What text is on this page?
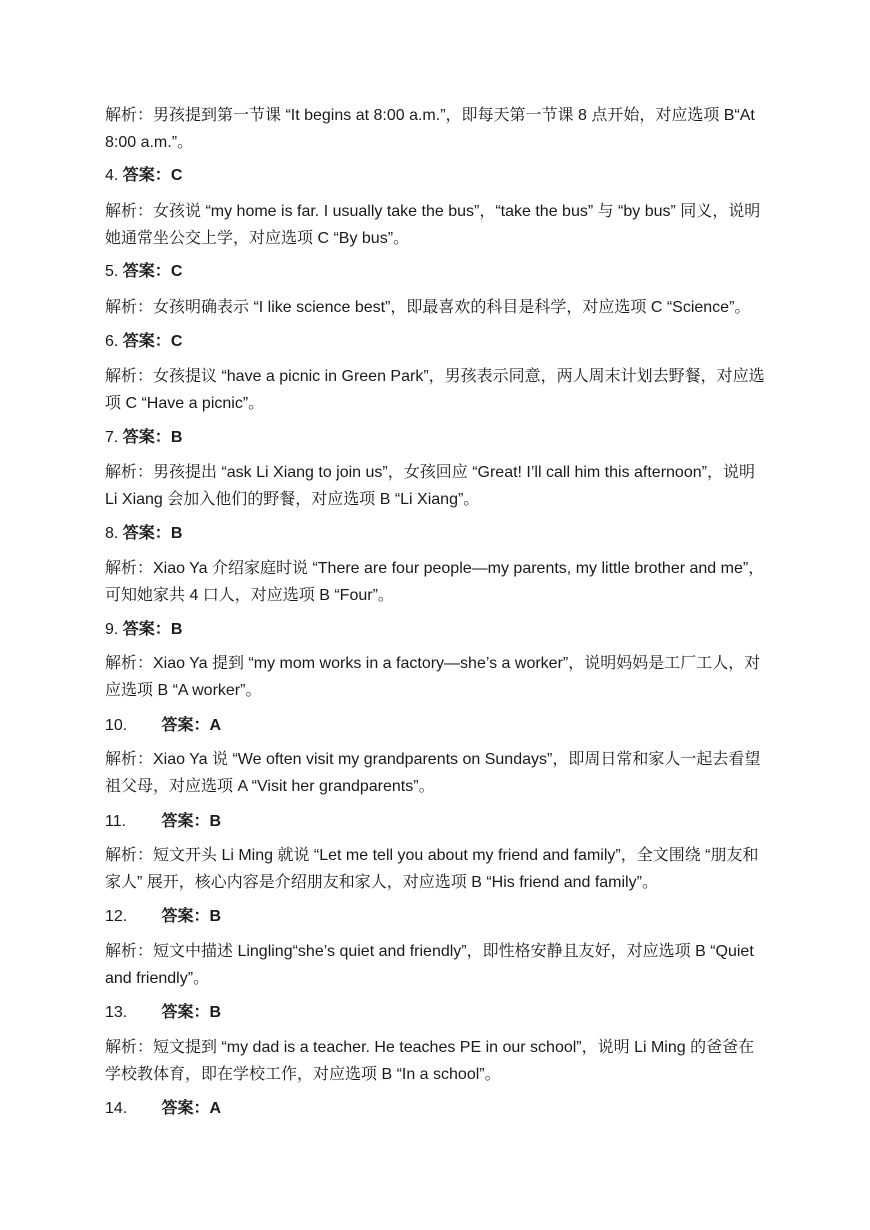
解析：男孩提到第一节课 “It begins at 8:00 a.m.”，即每天第一节课 8 点开始，对应选项 B“At 8:00 a.m.”。

4. 答案：C

解析：女孩说 “my home is far. I usually take the bus”，“take the bus” 与 “by bus” 同义，说明她通常坐公交上学，对应选项 C “By bus”。

5. 答案：C

解析：女孩明确表示 “I like science best”，即最喜欢的科目是科学，对应选项 C “Science”。

6. 答案：C

解析：女孩提议 “have a picnic in Green Park”，男孩表示同意，两人周末计划去野餐，对应选项 C “Have a picnic”。

7. 答案：B

解析：男孩提出 “ask Li Xiang to join us”，女孩回应 “Great! I’ll call him this afternoon”，说明 Li Xiang 会加入他们的野餐，对应选项 B “Li Xiang”。

8. 答案：B

解析：Xiao Ya 介绍家庭时说 “There are four people—my parents, my little brother and me”，可知她家共 4 口人，对应选项 B “Four”。

9. 答案：B

解析：Xiao Ya 提到 “my mom works in a factory—she’s a worker”，说明妈妈是工厂工人，对应选项 B “A worker”。

10. 答案：A

解析：Xiao Ya 说 “We often visit my grandparents on Sundays”，即周日常和家人一起去看望祖父母，对应选项 A “Visit her grandparents”。

11. 答案：B

解析：短文开头 Li Ming 就说 “Let me tell you about my friend and family”，全文围绕 “朋友和家人” 展开，核心内容是介绍朋友和家人，对应选项 B “His friend and family”。

12. 答案：B

解析：短文中描述 Lingling“she’s quiet and friendly”，即性格安静且友好，对应选项 B “Quiet and friendly”。

13. 答案：B

解析：短文提到 “my dad is a teacher. He teaches PE in our school”，说明 Li Ming 的爸爸在学校教体育，即在学校工作，对应选项 B “In a school”。

14. 答案：A
